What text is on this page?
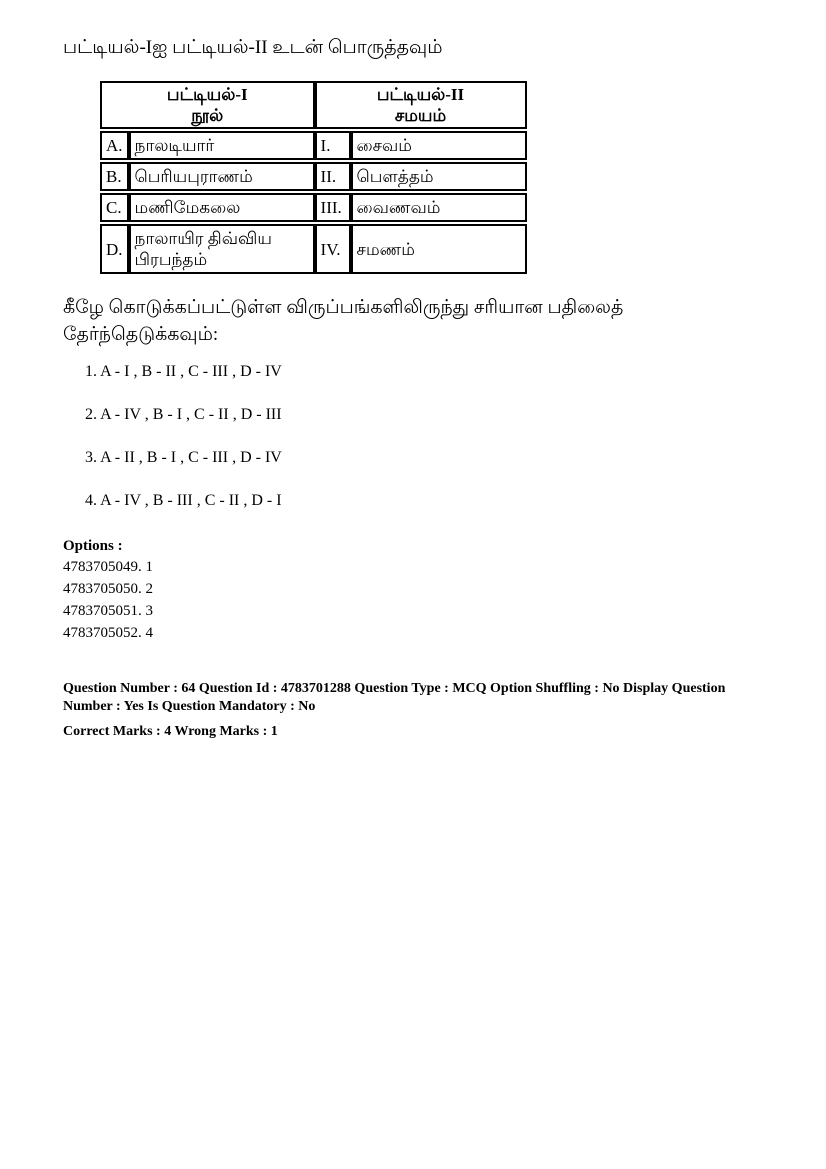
பட்டியல்-Iஐ பட்டியல்-II உடன் பொருத்தவும்
பட்டியல்-I
நூல்

பட்டியல்-II
சமயம்

A.	நாலடியார்	I.	சைவம்
B.	பெரியபுராணம்	II.	பௌத்தம்
C.	மணிமேகலை	III.	வைணவம்
D.	நாலாயிர திவ்விய பிரபந்தம்	IV.	சமணம்

கீழே கொடுக்கப்பட்டுள்ள விருப்பங்களிலிருந்து சரியான பதிலைத் தேர்ந்தெடுக்கவும்:

1. A - I , B - II , C - III , D - IV
2. A - IV , B - I , C - II , D - III
3. A - II , B - I , C - III , D - IV
4. A - IV , B - III , C - II , D - I
Options :
4783705049. 1
4783705050. 2
4783705051. 3
4783705052. 4
Question Number : 64 Question Id : 4783701288 Question Type : MCQ Option Shuffling : No Display Question
Number : Yes Is Question Mandatory : No
Correct Marks : 4 Wrong Marks : 1
